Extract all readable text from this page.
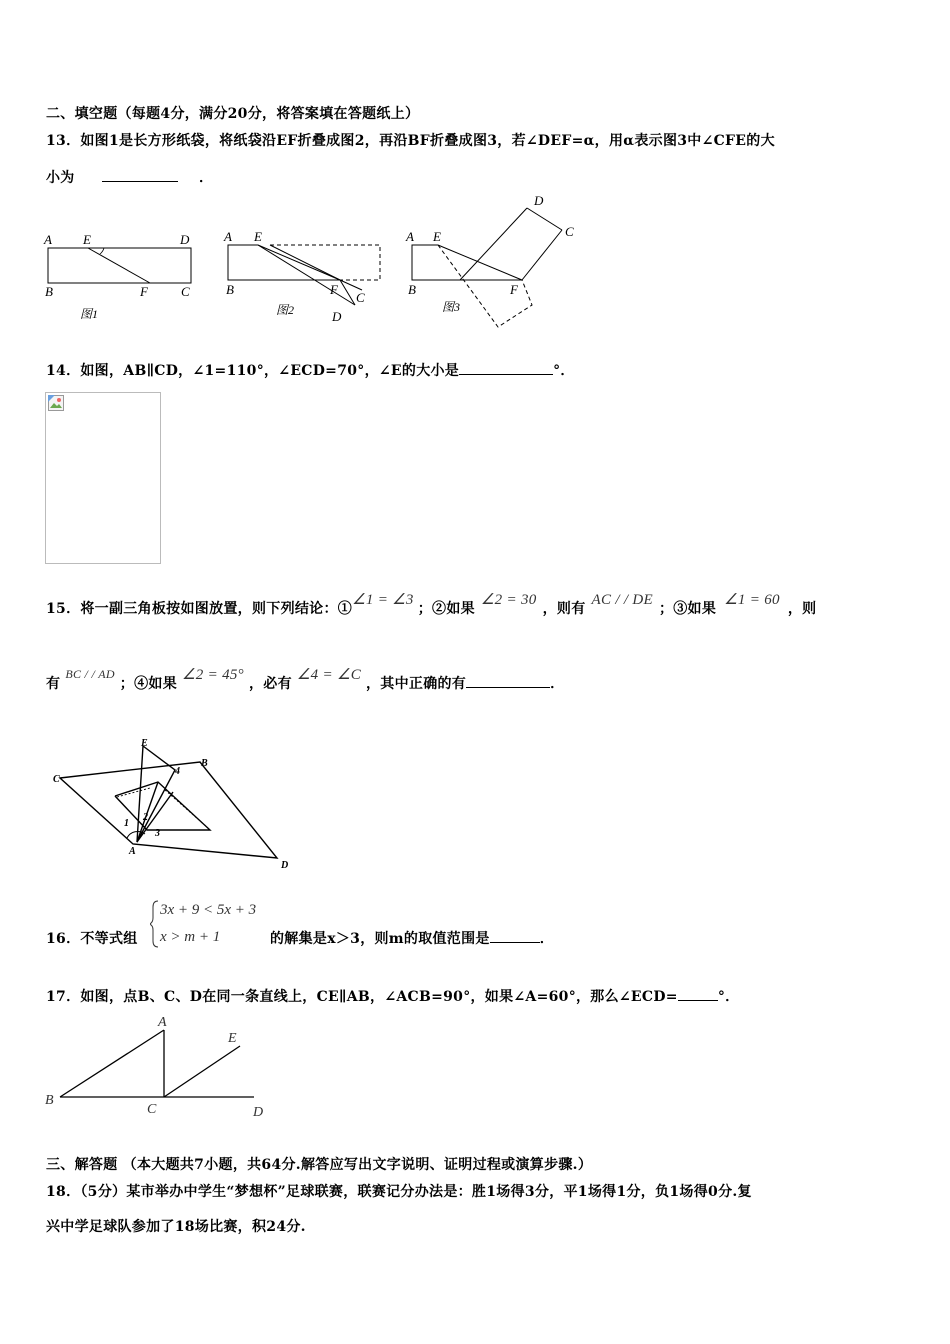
二、填空题（每题4分，满分20分，将答案填在答题纸上）
13．如图1是长方形纸袋，将纸袋沿EF折叠成图2，再沿BF折叠成图3，若∠DEF=α，用α表示图3中∠CFE的大
小为	．
A E	D
B	F	C
图1
A E
B	F
C
D
图2
A E
D
C
B	F
图3
14．如图，AB∥CD，∠1=110°，∠ECD=70°，∠E的大小是	°．
15．将一副三角板按如图放置，则下列结论：①∠1 = ∠3；②如果∠2 = 30，则有AC / / DE；③如果∠1 = 60，则
有BC / / AD；④如果∠2 = 45°，必有∠4 = ∠C，其中正确的有	．
E
B
C
4
1
2
3
A
D
16．不等式组
3x + 9 < 5x + 3
x > m + 1	的解集是x＞3，则m的取值范围是	．
17．如图，点B、C、D在同一条直线上，CE∥AB，∠ACB=90°，如果∠A=60°，那么∠ECD=	°．
A
E
B
C	D
三、解答题 （本大题共7小题，共64分.解答应写出文字说明、证明过程或演算步骤.）
18．（5分）某市举办中学生“梦想杯”足球联赛，联赛记分办法是：胜1场得3分，平1场得1分，负1场得0分.复
兴中学足球队参加了18场比赛，积24分.
